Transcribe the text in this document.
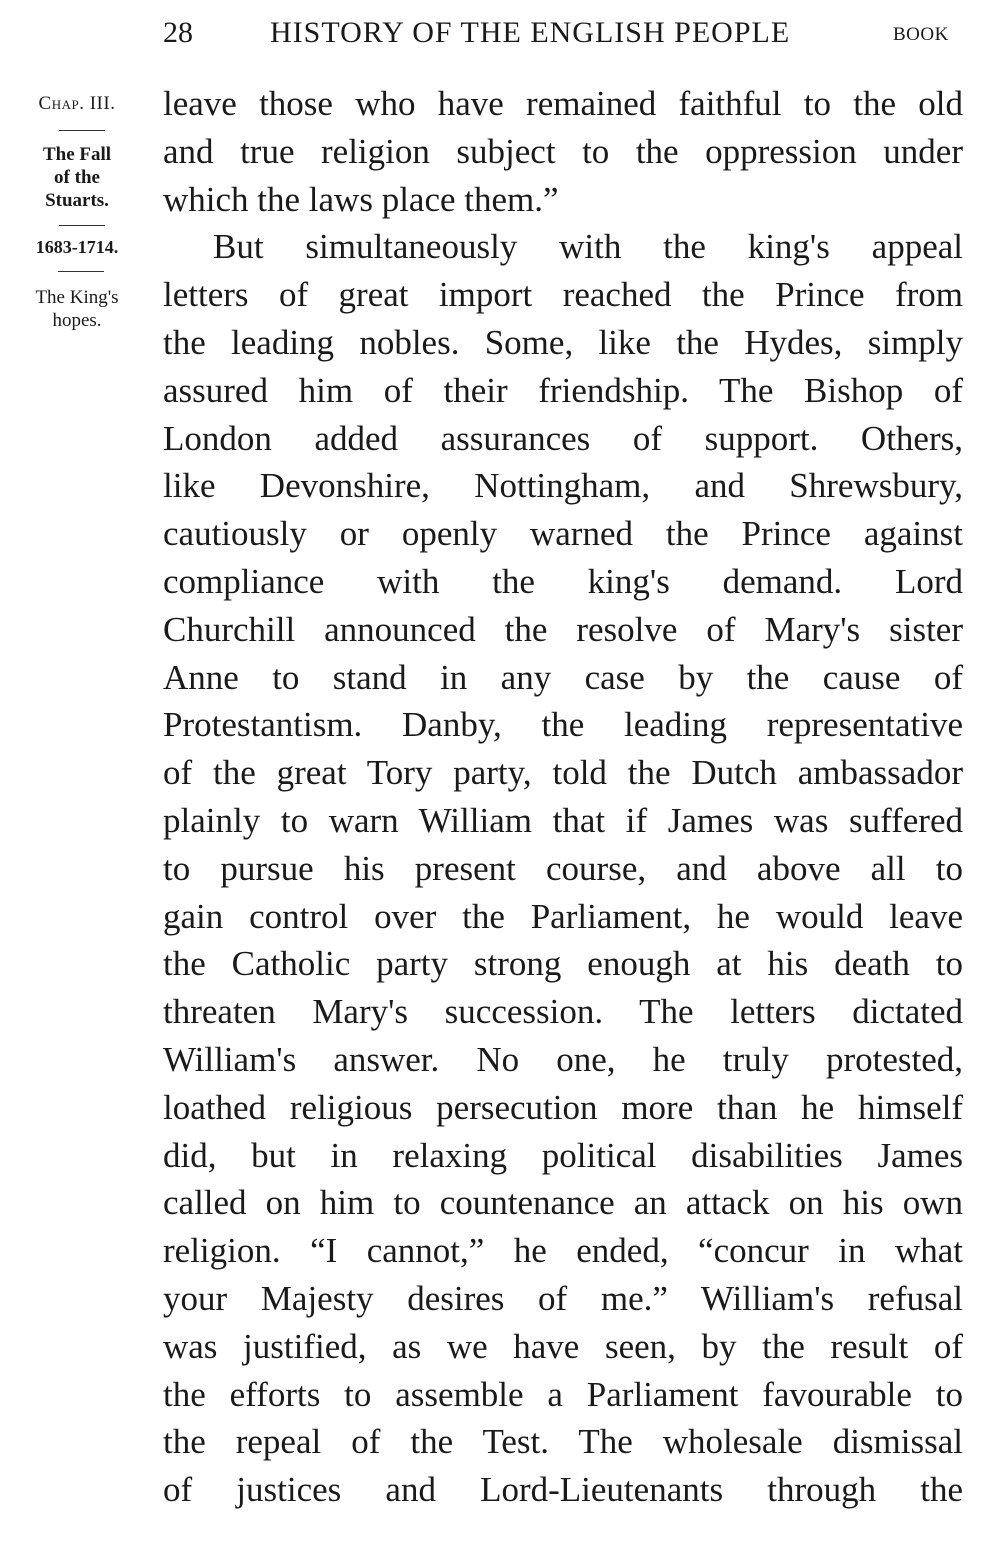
28	HISTORY OF THE ENGLISH PEOPLE	BOOK
Chap. III.
The Fall
of the
Stuarts.
1683-1714.
The King's
hopes.
leave those who have remained faithful to the old
and true religion subject to the oppression under
which the laws place them.”
But simultaneously with the king's appeal
letters of great import reached the Prince from
the leading nobles. Some, like the Hydes, simply
assured him of their friendship. The Bishop of
London added assurances of support. Others,
like Devonshire, Nottingham, and Shrewsbury,
cautiously or openly warned the Prince against
compliance with the king's demand. Lord
Churchill announced the resolve of Mary's sister
Anne to stand in any case by the cause of
Protestantism. Danby, the leading representative
of the great Tory party, told the Dutch ambassador
plainly to warn William that if James was suffered
to pursue his present course, and above all to
gain control over the Parliament, he would leave
the Catholic party strong enough at his death to
threaten Mary's succession. The letters dictated
William's answer. No one, he truly protested,
loathed religious persecution more than he himself
did, but in relaxing political disabilities James
called on him to countenance an attack on his own
religion. “I cannot,” he ended, “concur in what
your Majesty desires of me.” William's refusal
was justified, as we have seen, by the result of
the efforts to assemble a Parliament favourable to
the repeal of the Test. The wholesale dismissal
of justices and Lord-Lieutenants through the
